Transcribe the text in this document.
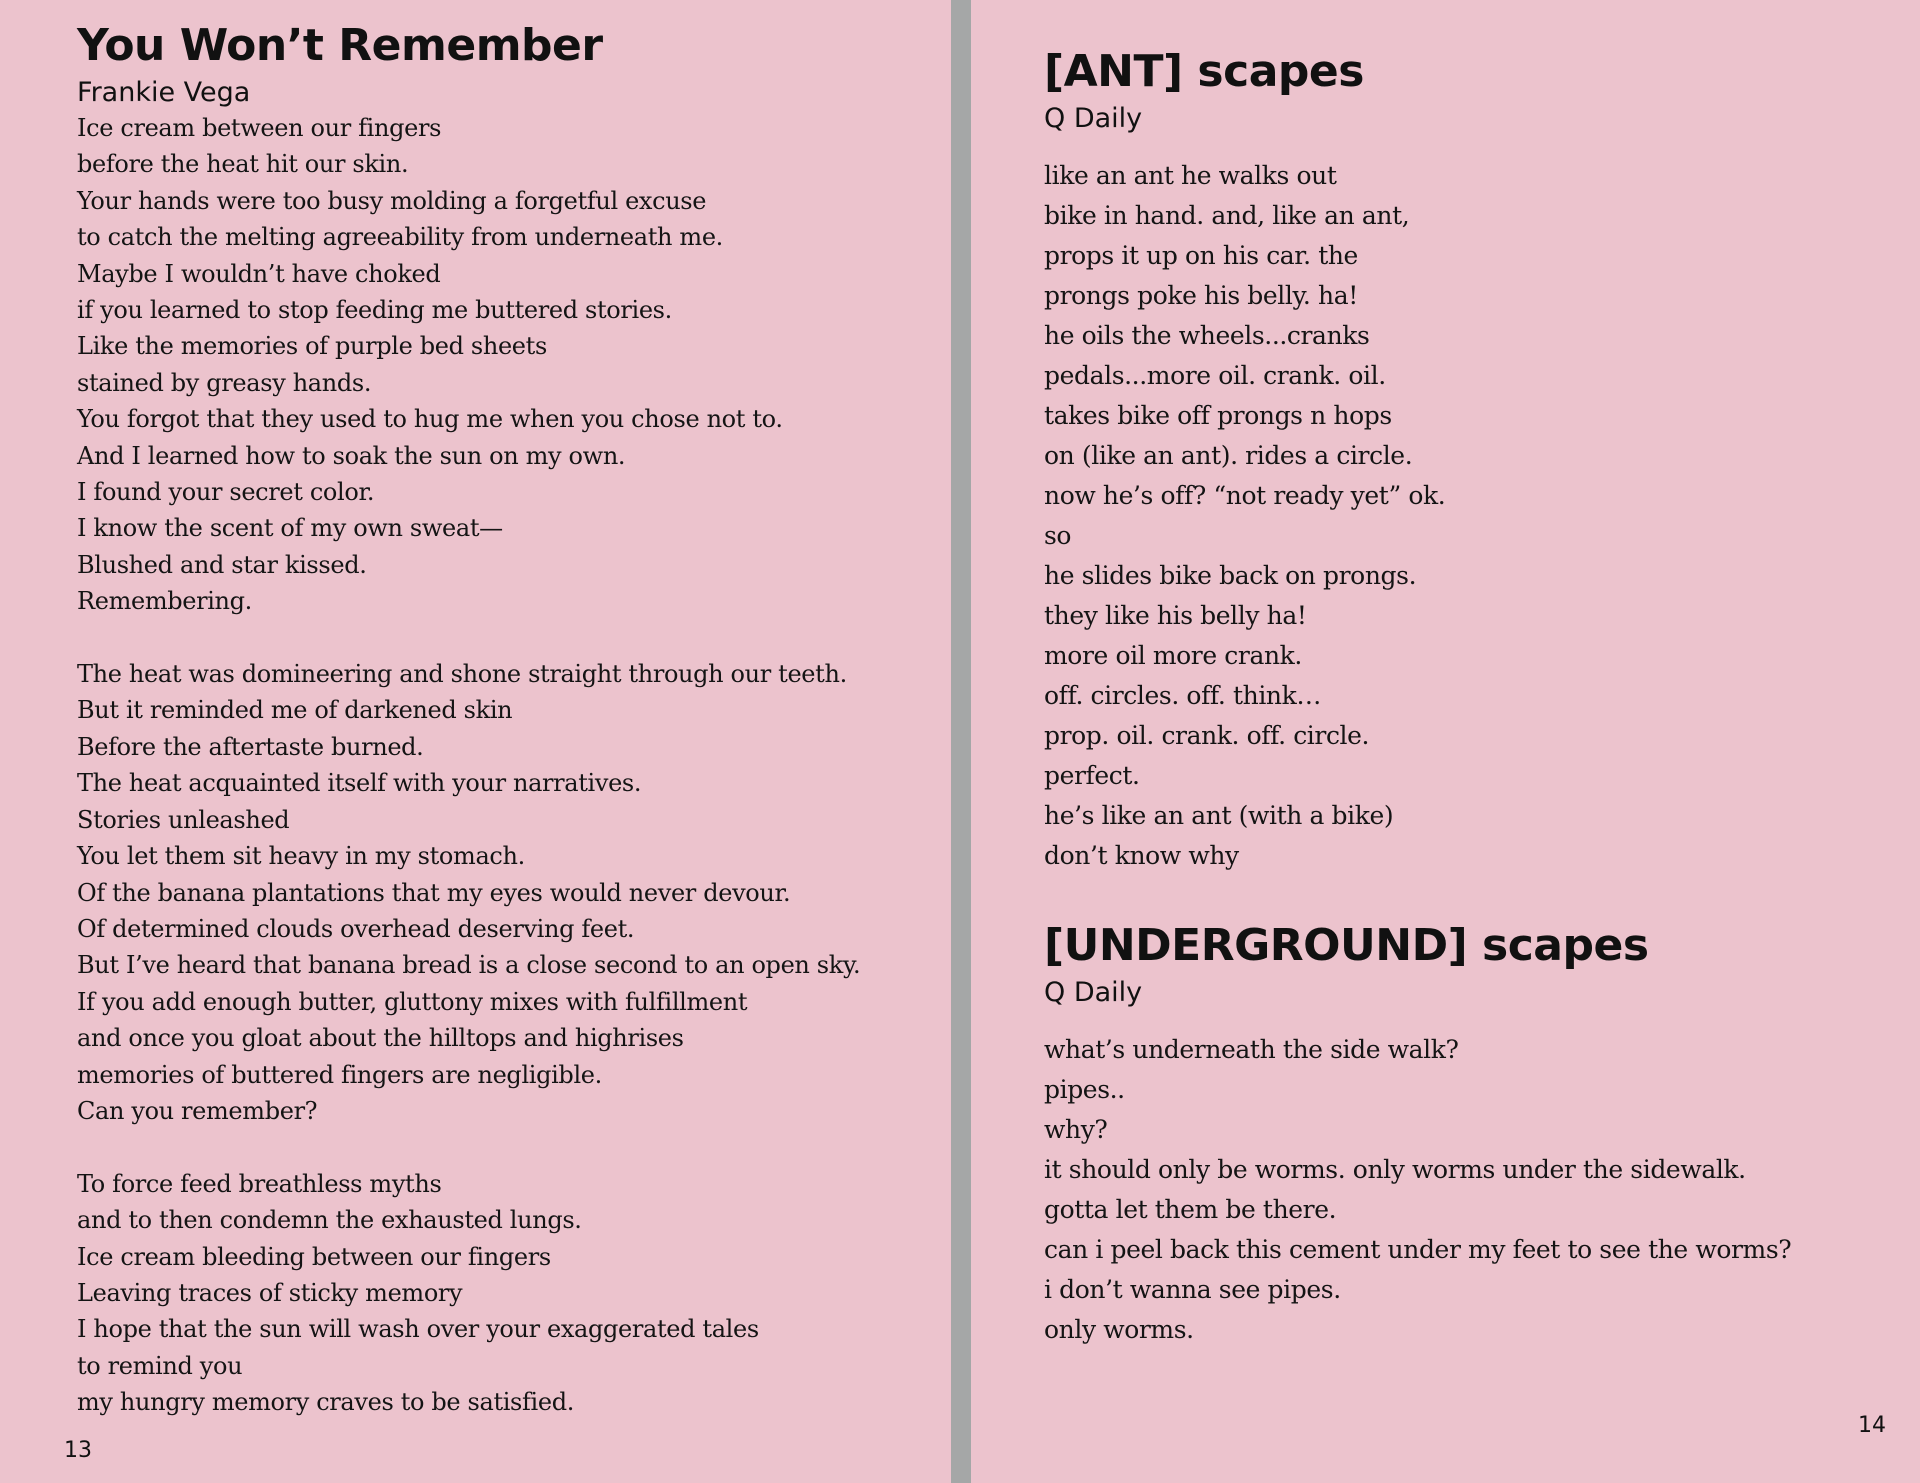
You Won’t Remember
Frankie Vega

Ice cream between our fingers

before the heat hit our skin.

Your hands were too busy molding a forgetful excuse

to catch the melting agreeability from underneath me.

Maybe I wouldn’t have choked

if you learned to stop feeding me buttered stories.

Like the memories of purple bed sheets

stained by greasy hands.

You forgot that they used to hug me when you chose not to.

And I learned how to soak the sun on my own.

I found your secret color.

I know the scent of my own sweat—

Blushed and star kissed.

Remembering.

The heat was domineering and shone straight through our teeth.

But it reminded me of darkened skin

Before the aftertaste burned.

The heat acquainted itself with your narratives.

Stories unleashed

You let them sit heavy in my stomach.

Of the banana plantations that my eyes would never devour.

Of determined clouds overhead deserving feet.

But I’ve heard that banana bread is a close second to an open sky.

If you add enough butter, gluttony mixes with fulfillment

and once you gloat about the hilltops and highrises

memories of buttered fingers are negligible.

Can you remember?

To force feed breathless myths

and to then condemn the exhausted lungs.

Ice cream bleeding between our fingers

Leaving traces of sticky memory

I hope that the sun will wash over your exaggerated tales

to remind you

my hungry memory craves to be satisfied.

13
[ANT] scapes
Q Daily

like an ant he walks out

bike in hand. and, like an ant,

props it up on his car. the

prongs poke his belly. ha!

he oils the wheels...cranks

pedals...more oil. crank. oil.

takes bike off prongs n hops

on (like an ant). rides a circle.

now he’s off? “not ready yet” ok.

so

he slides bike back on prongs.

they like his belly ha!

more oil more crank.

off. circles. off. think…

prop. oil. crank. off. circle.

perfect.

he’s like an ant (with a bike)

don’t know why

[UNDERGROUND] scapes
Q Daily

what’s underneath the side walk?

pipes..

why?

it should only be worms. only worms under the sidewalk.

gotta let them be there.

can i peel back this cement under my feet to see the worms?

i don’t wanna see pipes.

only worms.

14
